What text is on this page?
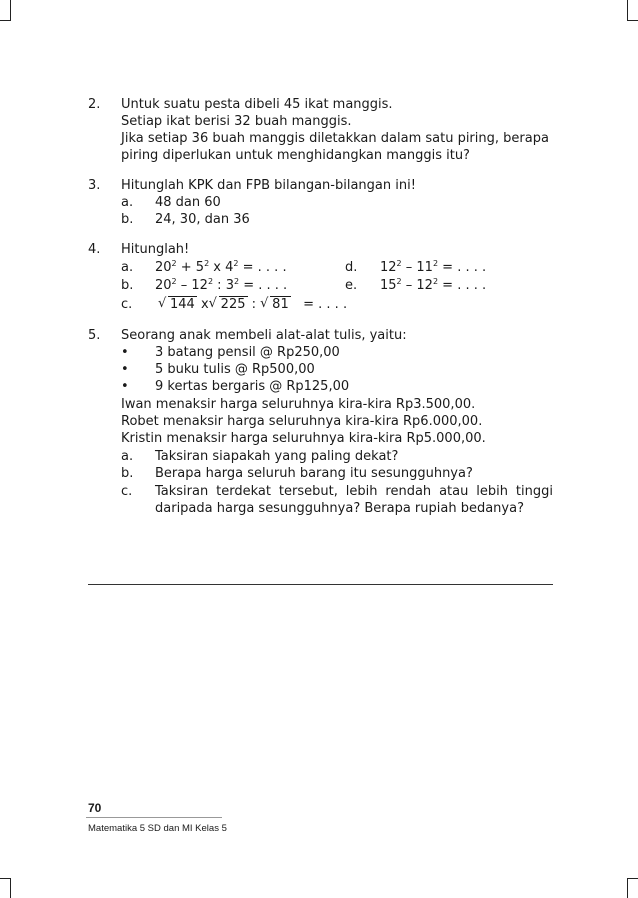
2. Untuk suatu pesta dibeli 45 ikat manggis.
Setiap ikat berisi 32 buah manggis.
Jika setiap 36 buah manggis diletakkan dalam satu piring, berapa
piring diperlukan untuk menghidangkan manggis itu?
3. Hitunglah KPK dan FPB bilangan-bilangan ini!
a. 48 dan 60
b. 24, 30, dan 36
4. Hitunglah!
a. $20^2 + 5^2$ x $4^2$ = . . . .	d. $12^2 - 11^2$ = . . . .
b. $20^2 - 12^2$ : $3^2$ = . . . .	e. $15^2 - 12^2$ = . . . .
c.	√ 144 x √ 225 : √ 81 = . . . .
5. Seorang anak membeli alat-alat tulis, yaitu:
• 3 batang pensil @ Rp250,00
• 5 buku tulis @ Rp500,00
• 9 kertas bergaris @ Rp125,00
Iwan menaksir harga seluruhnya kira-kira Rp3.500,00.
Robet menaksir harga seluruhnya kira-kira Rp6.000,00.
Kristin menaksir harga seluruhnya kira-kira Rp5.000,00.
a. Taksiran siapakah yang paling dekat?
b. Berapa harga seluruh barang itu sesungguhnya?
c. Taksiran terdekat tersebut, lebih rendah atau lebih tinggi
daripada harga sesungguhnya? Berapa rupiah bedanya?
70
Matematika 5 SD dan MI Kelas 5
